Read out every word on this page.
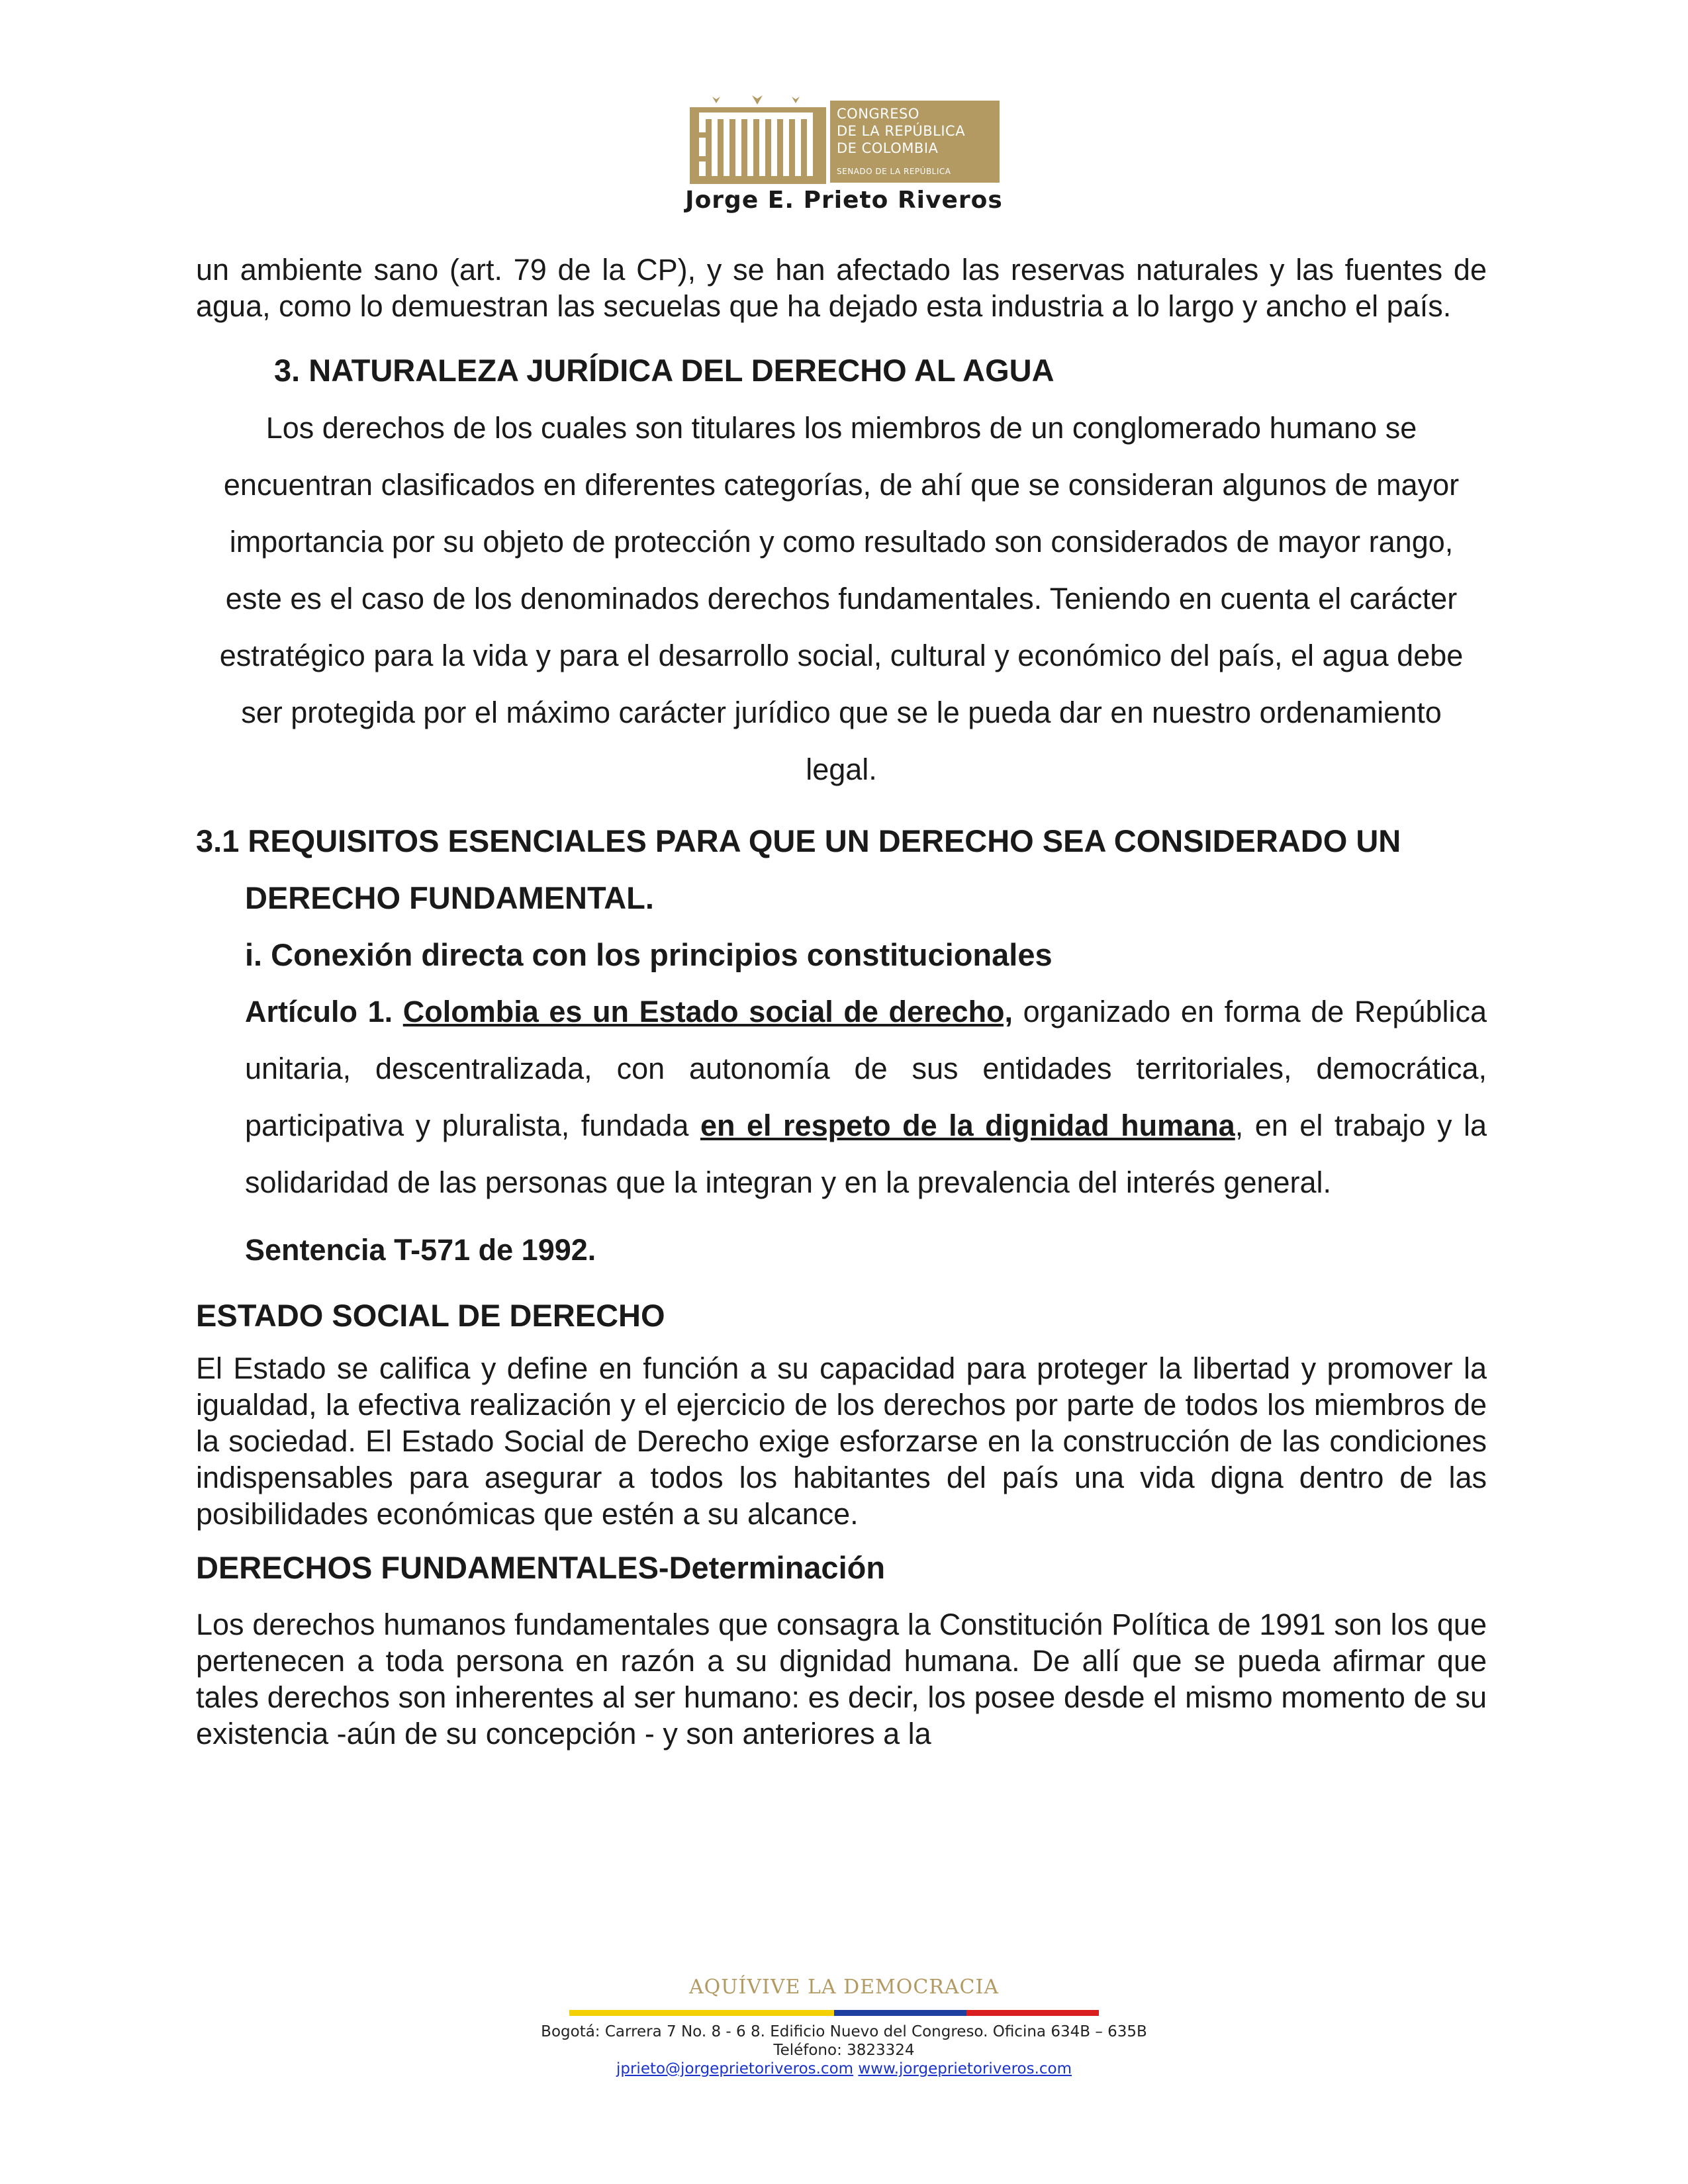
CONGRESO
DE LA REPÚBLICA
DE COLOMBIA
SENADO DE LA REPÚBLICA
Jorge E. Prieto Riveros

un ambiente sano (art. 79 de la CP), y se han afectado las reservas naturales y las fuentes de agua, como lo demuestran las secuelas que ha dejado esta industria a lo largo y ancho el país.

3. NATURALEZA JURÍDICA DEL DERECHO AL AGUA

Los derechos de los cuales son titulares los miembros de un conglomerado humano se encuentran clasificados en diferentes categorías, de ahí que se consideran algunos de mayor importancia por su objeto de protección y como resultado son considerados de mayor rango, este es el caso de los denominados derechos fundamentales. Teniendo en cuenta el carácter estratégico para la vida y para el desarrollo social, cultural y económico del país, el agua debe ser protegida por el máximo carácter jurídico que se le pueda dar en nuestro ordenamiento legal.

3.1 REQUISITOS ESENCIALES PARA QUE UN DERECHO SEA CONSIDERADO UN DERECHO FUNDAMENTAL.

i. Conexión directa con los principios constitucionales

Artículo 1. Colombia es un Estado social de derecho, organizado en forma de República unitaria, descentralizada, con autonomía de sus entidades territoriales, democrática, participativa y pluralista, fundada en el respeto de la dignidad humana, en el trabajo y la solidaridad de las personas que la integran y en la prevalencia del interés general.

Sentencia T-571 de 1992.

ESTADO SOCIAL DE DERECHO

El Estado se califica y define en función a su capacidad para proteger la libertad y promover la igualdad, la efectiva realización y el ejercicio de los derechos por parte de todos los miembros de la sociedad. El Estado Social de Derecho exige esforzarse en la construcción de las condiciones indispensables para asegurar a todos los habitantes del país una vida digna dentro de las posibilidades económicas que estén a su alcance.

DERECHOS FUNDAMENTALES-Determinación

Los derechos humanos fundamentales que consagra la Constitución Política de 1991 son los que pertenecen a toda persona en razón a su dignidad humana. De allí que se pueda afirmar que tales derechos son inherentes al ser humano: es decir, los posee desde el mismo momento de su existencia -aún de su concepción - y son anteriores a la

AQUÍVIVE LA DEMOCRACIA
Bogotá: Carrera 7 No. 8 - 6 8. Edificio Nuevo del Congreso. Oficina 634B – 635B
Teléfono: 3823324
jprieto@jorgeprietoriveros.com www.jorgeprietoriveros.com
